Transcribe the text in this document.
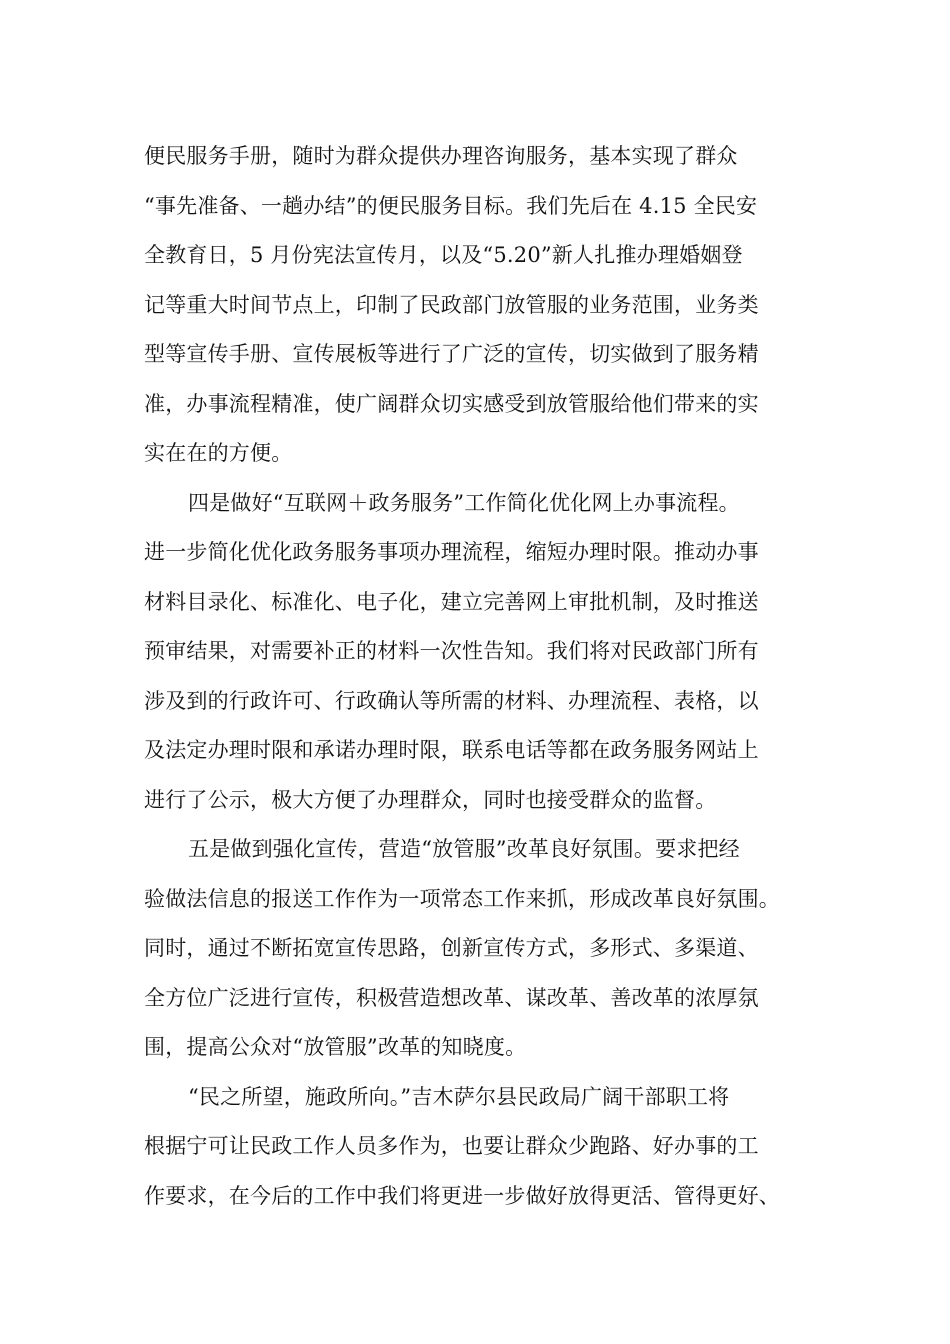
便民服务手册，随时为群众提供办理咨询服务，基本实现了群众
“事先准备、一趟办结”的便民服务目标。我们先后在 4.15 全民安
全教育日，5 月份宪法宣传月，以及“5.20”新人扎推办理婚姻登
记等重大时间节点上，印制了民政部门放管服的业务范围，业务类
型等宣传手册、宣传展板等进行了广泛的宣传，切实做到了服务精
准，办事流程精准，使广阔群众切实感受到放管服给他们带来的实
实在在的方便。
四是做好“互联网＋政务服务”工作简化优化网上办事流程。
进一步简化优化政务服务事项办理流程，缩短办理时限。推动办事
材料目录化、标准化、电子化，建立完善网上审批机制，及时推送
预审结果，对需要补正的材料一次性告知。我们将对民政部门所有
涉及到的行政许可、行政确认等所需的材料、办理流程、表格，以
及法定办理时限和承诺办理时限，联系电话等都在政务服务网站上
进行了公示，极大方便了办理群众，同时也接受群众的监督。
五是做到强化宣传，营造“放管服”改革良好氛围。要求把经
验做法信息的报送工作作为一项常态工作来抓，形成改革良好氛围。
同时，通过不断拓宽宣传思路，创新宣传方式，多形式、多渠道、
全方位广泛进行宣传，积极营造想改革、谋改革、善改革的浓厚氛
围，提高公众对“放管服”改革的知晓度。
“民之所望，施政所向。”吉木萨尔县民政局广阔干部职工将
根据宁可让民政工作人员多作为，也要让群众少跑路、好办事的工
作要求，在今后的工作中我们将更进一步做好放得更活、管得更好、
